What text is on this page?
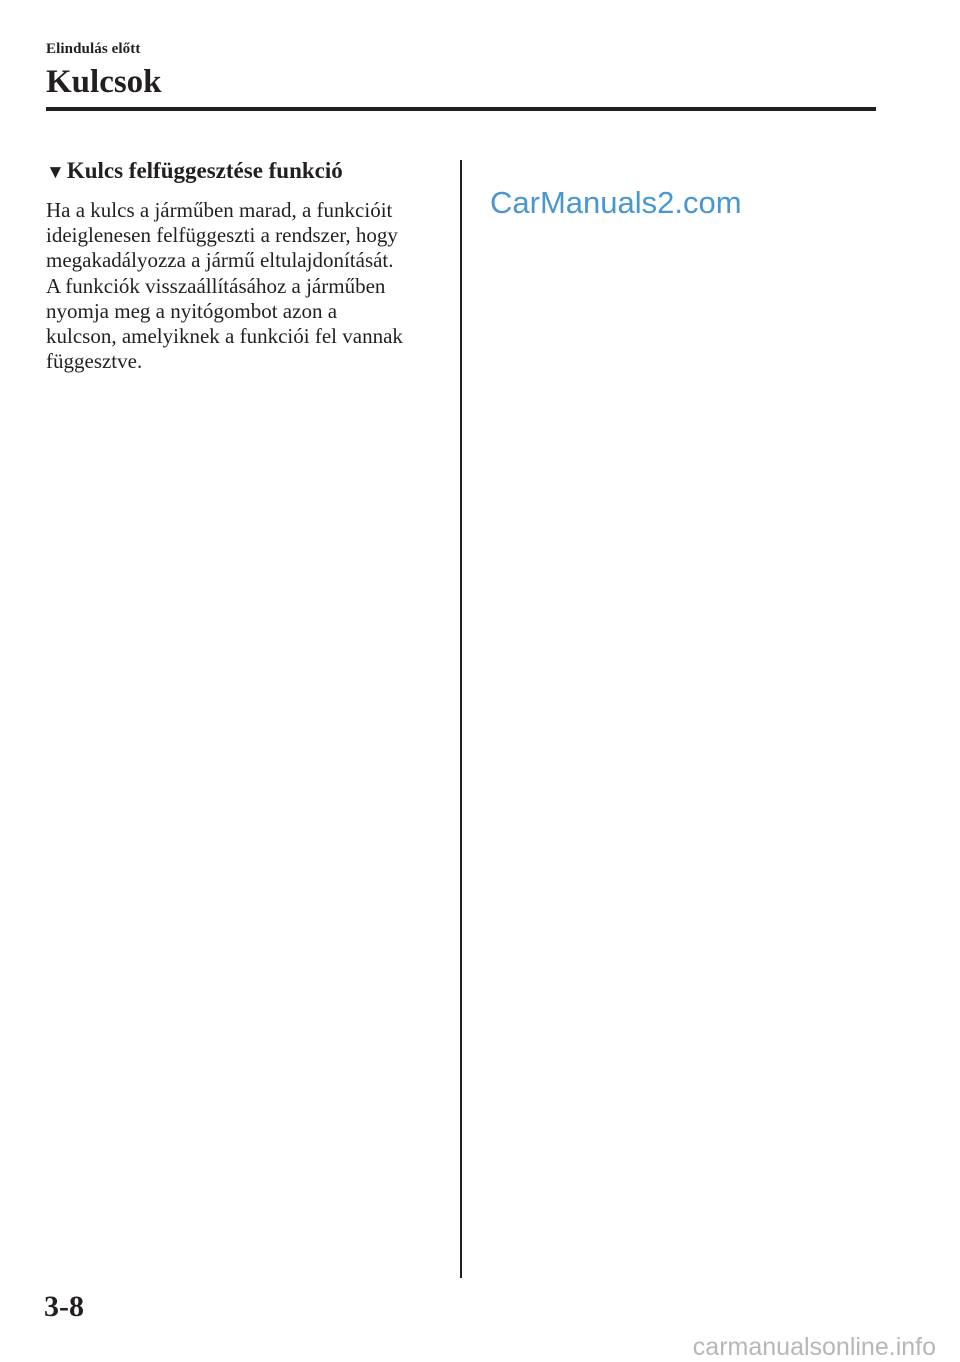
Elindulás előtt
Kulcsok
▼Kulcs felfüggesztése funkció
Ha a kulcs a járműben marad, a funkcióit
ideiglenesen felfüggeszti a rendszer, hogy
megakadályozza a jármű eltulajdonítását.
A funkciók visszaállításához a járműben
nyomja meg a nyitógombot azon a
kulcson, amelyiknek a funkciói fel vannak
függesztve.
CarManuals2.com
3-8
carmanualsonline.info
